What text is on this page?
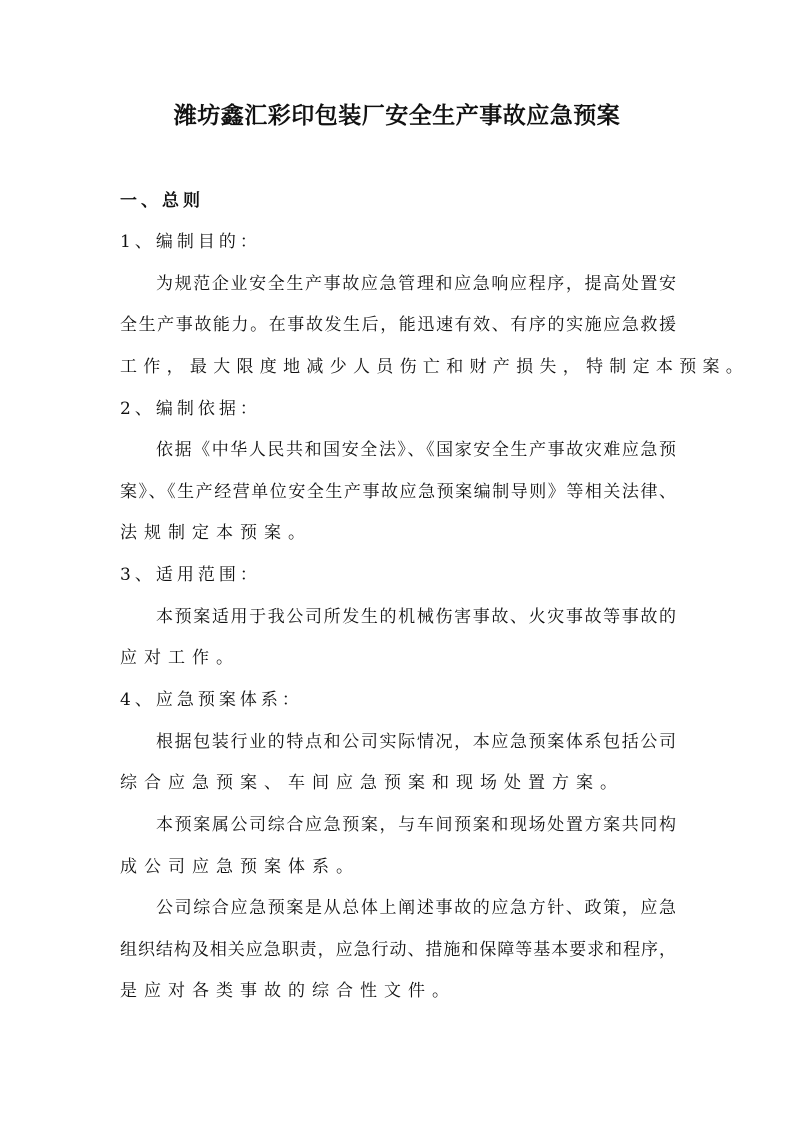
潍坊鑫汇彩印包装厂安全生产事故应急预案
一、总则
1、编制目的：
为规范企业安全生产事故应急管理和应急响应程序，提高处置安
全生产事故能力。在事故发生后，能迅速有效、有序的实施应急救援
工作，最大限度地减少人员伤亡和财产损失，特制定本预案。
2、编制依据：
依据《中华人民共和国安全法》、《国家安全生产事故灾难应急预
案》、《生产经营单位安全生产事故应急预案编制导则》等相关法律、
法规制定本预案。
3、适用范围：
本预案适用于我公司所发生的机械伤害事故、火灾事故等事故的
应对工作。
4、应急预案体系：
根据包装行业的特点和公司实际情况，本应急预案体系包括公司
综合应急预案、车间应急预案和现场处置方案。
本预案属公司综合应急预案，与车间预案和现场处置方案共同构
成公司应急预案体系。
公司综合应急预案是从总体上阐述事故的应急方针、政策，应急
组织结构及相关应急职责，应急行动、措施和保障等基本要求和程序，
是应对各类事故的综合性文件。
